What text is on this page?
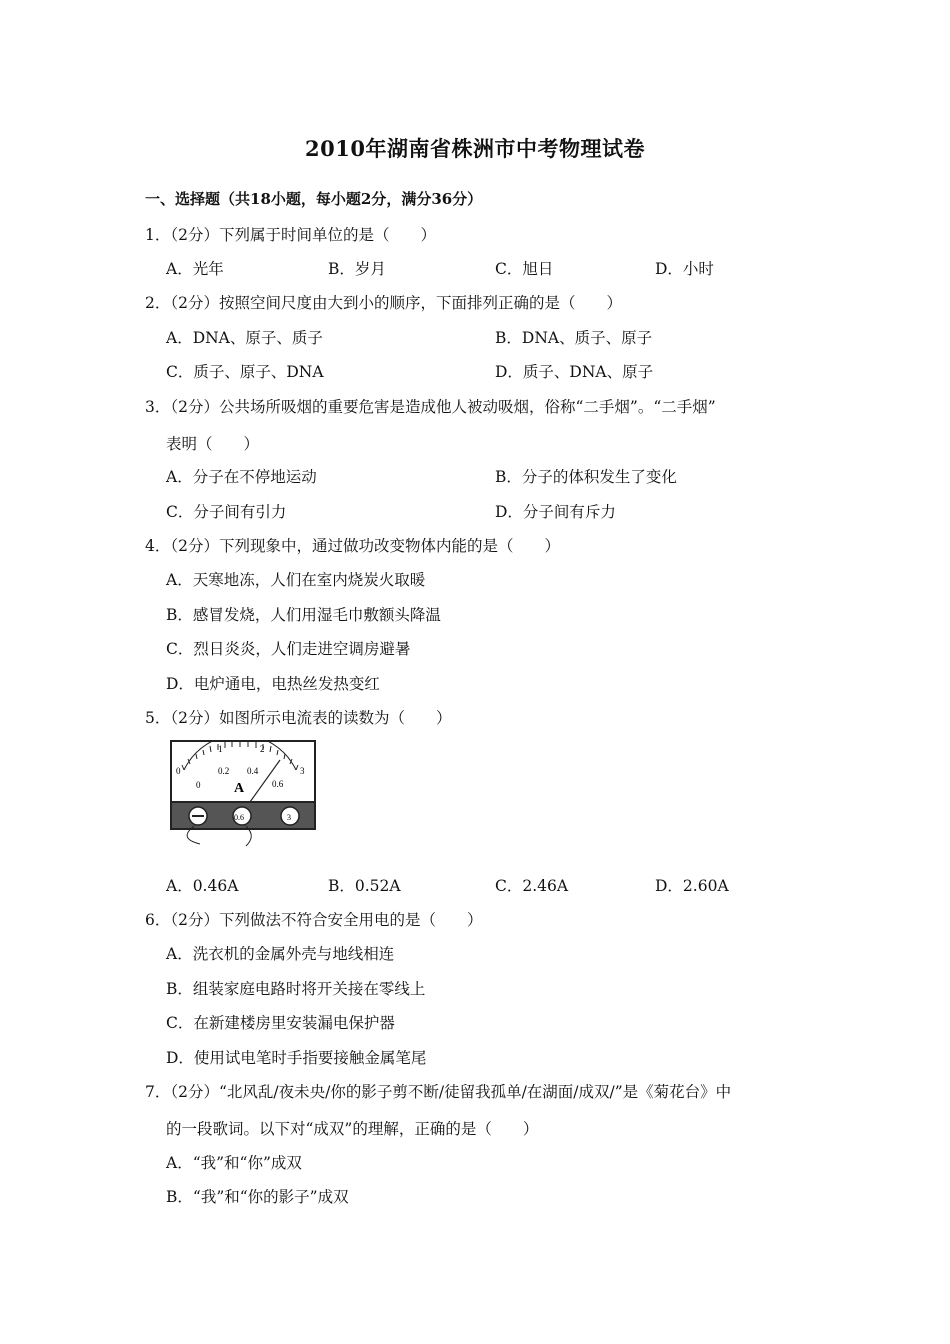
2010年湖南省株洲市中考物理试卷
一、选择题（共18小题，每小题2分，满分36分）
1．（2分）下列属于时间单位的是（　　）
A．光年	B．岁月	C．旭日	D．小时
2．（2分）按照空间尺度由大到小的顺序，下面排列正确的是（　　）
A．DNA、原子、质子	B．DNA、质子、原子
C．质子、原子、DNA	D．质子、DNA、原子
3．（2分）公共场所吸烟的重要危害是造成他人被动吸烟，俗称“二手烟”。“二手烟”
表明（　　）
A．分子在不停地运动	B．分子的体积发生了变化
C．分子间有引力	D．分子间有斥力
4．（2分）下列现象中，通过做功改变物体内能的是（　　）
A．天寒地冻，人们在室内烧炭火取暖
B．感冒发烧，人们用湿毛巾敷额头降温
C．烈日炎炎，人们走进空调房避暑
D．电炉通电，电热丝发热变红
5．（2分）如图所示电流表的读数为（　　）
1	2
0	3
0.2 0.4
0.6
0 A
0.6	3
A．0.46A	B．0.52A	C．2.46A	D．2.60A
6．（2分）下列做法不符合安全用电的是（　　）
A．洗衣机的金属外壳与地线相连
B．组装家庭电路时将开关接在零线上
C．在新建楼房里安装漏电保护器
D．使用试电笔时手指要接触金属笔尾
7．（2分）“北风乱/夜未央/你的影子剪不断/徒留我孤单/在湖面/成双/”是《菊花台》中
的一段歌词。以下对“成双”的理解，正确的是（　　）
A．“我”和“你”成双
B．“我”和“你的影子”成双
